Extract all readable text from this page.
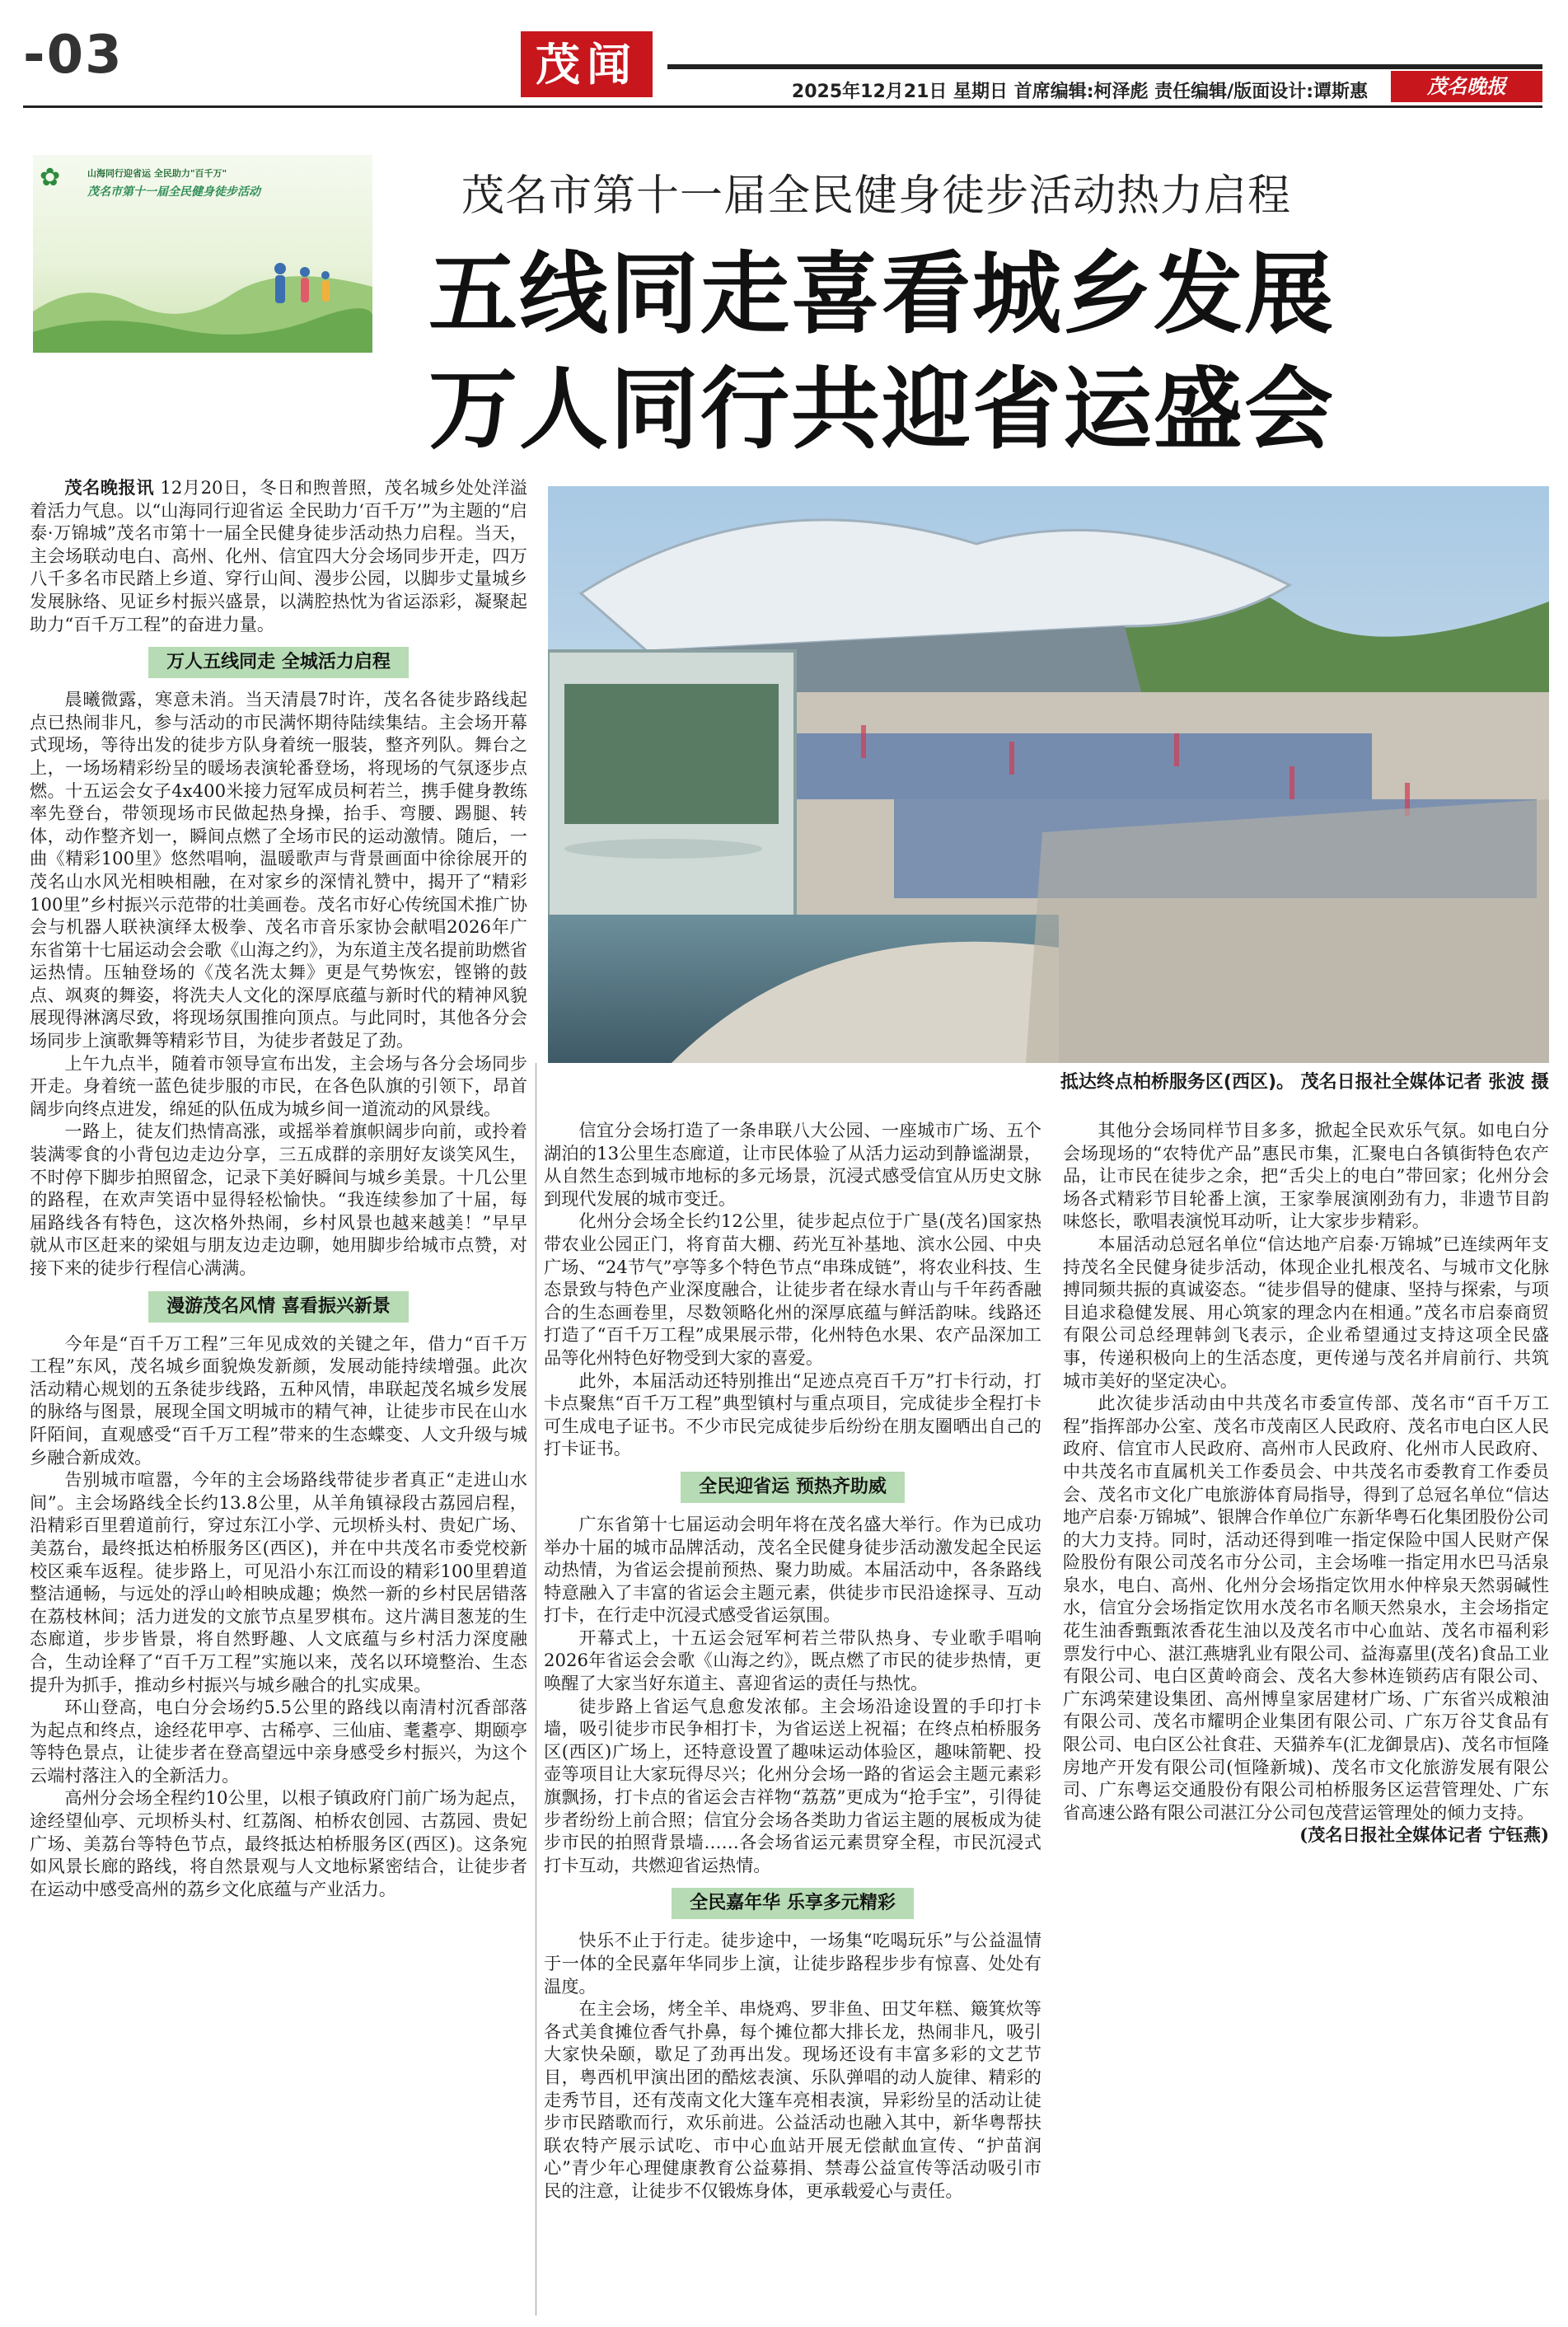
-03	茂闻
2025年12月21日 星期日 首席编辑:柯泽彪 责任编辑/版面设计:谭斯惠	茂名晚报
✿	山海同行迎省运 全民助力"百千万"
茂名市第十一届全民健身徒步活动	茂名市第十一届全民健身徒步活动热力启程
五线同走喜看城乡发展
万人同行共迎省运盛会
抵达终点柏桥服务区(西区)。 茂名日报社全媒体记者 张波 摄

茂名晚报讯 12月20日，冬日和煦普照，茂名城乡处处洋溢着活力气息。以“山海同行迎省运 全民助力‘百千万’”为主题的“启泰·万锦城”茂名市第十一届全民健身徒步活动热力启程。当天，主会场联动电白、高州、化州、信宜四大分会场同步开走，四万八千多名市民踏上乡道、穿行山间、漫步公园，以脚步丈量城乡发展脉络、见证乡村振兴盛景，以满腔热忱为省运添彩，凝聚起助力“百千万工程”的奋进力量。

万人五线同走 全城活力启程

晨曦微露，寒意未消。当天清晨7时许，茂名各徒步路线起点已热闹非凡，参与活动的市民满怀期待陆续集结。主会场开幕式现场，等待出发的徒步方队身着统一服装，整齐列队。舞台之上，一场场精彩纷呈的暖场表演轮番登场，将现场的气氛逐步点燃。十五运会女子4x400米接力冠军成员柯若兰，携手健身教练率先登台，带领现场市民做起热身操，抬手、弯腰、踢腿、转体，动作整齐划一，瞬间点燃了全场市民的运动激情。随后，一曲《精彩100里》悠然唱响，温暖歌声与背景画面中徐徐展开的茂名山水风光相映相融，在对家乡的深情礼赞中，揭开了“精彩100里”乡村振兴示范带的壮美画卷。茂名市好心传统国术推广协会与机器人联袂演绎太极拳、茂名市音乐家协会献唱2026年广东省第十七届运动会会歌《山海之约》，为东道主茂名提前助燃省运热情。压轴登场的《茂名洗太舞》更是气势恢宏，铿锵的鼓点、飒爽的舞姿，将洗夫人文化的深厚底蕴与新时代的精神风貌展现得淋漓尽致，将现场氛围推向顶点。与此同时，其他各分会场同步上演歌舞等精彩节目，为徒步者鼓足了劲。

上午九点半，随着市领导宣布出发，主会场与各分会场同步开走。身着统一蓝色徒步服的市民，在各色队旗的引领下，昂首阔步向终点进发，绵延的队伍成为城乡间一道流动的风景线。

一路上，徒友们热情高涨，或摇举着旗帜阔步向前，或拎着装满零食的小背包边走边分享，三五成群的亲朋好友谈笑风生，不时停下脚步拍照留念，记录下美好瞬间与城乡美景。十几公里的路程，在欢声笑语中显得轻松愉快。“我连续参加了十届，每届路线各有特色，这次格外热闹，乡村风景也越来越美！”早早就从市区赶来的梁姐与朋友边走边聊，她用脚步给城市点赞，对接下来的徒步行程信心满满。

漫游茂名风情 喜看振兴新景

今年是“百千万工程”三年见成效的关键之年，借力“百千万工程”东风，茂名城乡面貌焕发新颜，发展动能持续增强。此次活动精心规划的五条徒步线路，五种风情，串联起茂名城乡发展的脉络与图景，展现全国文明城市的精气神，让徒步市民在山水阡陌间，直观感受“百千万工程”带来的生态蝶变、人文升级与城乡融合新成效。

告别城市喧嚣，今年的主会场路线带徒步者真正“走进山水间”。主会场路线全长约13.8公里，从羊角镇禄段古荔园启程，沿精彩百里碧道前行，穿过东江小学、元坝桥头村、贵妃广场、美荔台，最终抵达柏桥服务区(西区)，并在中共茂名市委党校新校区乘车返程。徒步路上，可见沿小东江而设的精彩100里碧道整洁通畅，与远处的浮山岭相映成趣；焕然一新的乡村民居错落在荔枝林间；活力迸发的文旅节点星罗棋布。这片满目葱茏的生态廊道，步步皆景，将自然野趣、人文底蕴与乡村活力深度融合，生动诠释了“百千万工程”实施以来，茂名以环境整治、生态提升为抓手，推动乡村振兴与城乡融合的扎实成果。

环山登高，电白分会场约5.5公里的路线以南清村沉香部落为起点和终点，途经花甲亭、古稀亭、三仙庙、耄耋亭、期颐亭等特色景点，让徒步者在登高望远中亲身感受乡村振兴，为这个云端村落注入的全新活力。

高州分会场全程约10公里，以根子镇政府门前广场为起点，途经望仙亭、元坝桥头村、红荔阁、柏桥农创园、古荔园、贵妃广场、美荔台等特色节点，最终抵达柏桥服务区(西区)。这条宛如风景长廊的路线，将自然景观与人文地标紧密结合，让徒步者在运动中感受高州的荔乡文化底蕴与产业活力。

信宜分会场打造了一条串联八大公园、一座城市广场、五个湖泊的13公里生态廊道，让市民体验了从活力运动到静谧湖景，从自然生态到城市地标的多元场景，沉浸式感受信宜从历史文脉到现代发展的城市变迁。

化州分会场全长约12公里，徒步起点位于广垦(茂名)国家热带农业公园正门，将育苗大棚、药光互补基地、滨水公园、中央广场、“24节气”亭等多个特色节点“串珠成链”，将农业科技、生态景致与特色产业深度融合，让徒步者在绿水青山与千年药香融合的生态画卷里，尽数领略化州的深厚底蕴与鲜活韵味。线路还打造了“百千万工程”成果展示带，化州特色水果、农产品深加工品等化州特色好物受到大家的喜爱。

此外，本届活动还特别推出“足迹点亮百千万”打卡行动，打卡点聚焦“百千万工程”典型镇村与重点项目，完成徒步全程打卡可生成电子证书。不少市民完成徒步后纷纷在朋友圈晒出自己的打卡证书。

全民迎省运 预热齐助威

广东省第十七届运动会明年将在茂名盛大举行。作为已成功举办十届的城市品牌活动，茂名全民健身徒步活动激发起全民运动热情，为省运会提前预热、聚力助威。本届活动中，各条路线特意融入了丰富的省运会主题元素，供徒步市民沿途探寻、互动打卡，在行走中沉浸式感受省运氛围。

开幕式上，十五运会冠军柯若兰带队热身、专业歌手唱响2026年省运会会歌《山海之约》，既点燃了市民的徒步热情，更唤醒了大家当好东道主、喜迎省运的责任与热忱。

徒步路上省运气息愈发浓郁。主会场沿途设置的手印打卡墙，吸引徒步市民争相打卡，为省运送上祝福；在终点柏桥服务区(西区)广场上，还特意设置了趣味运动体验区，趣味箭靶、投壶等项目让大家玩得尽兴；化州分会场一路的省运会主题元素彩旗飘扬，打卡点的省运会吉祥物“荔荔”更成为“抢手宝”，引得徒步者纷纷上前合照；信宜分会场各类助力省运主题的展板成为徒步市民的拍照背景墙……各会场省运元素贯穿全程，市民沉浸式打卡互动，共燃迎省运热情。

全民嘉年华 乐享多元精彩

快乐不止于行走。徒步途中，一场集“吃喝玩乐”与公益温情于一体的全民嘉年华同步上演，让徒步路程步步有惊喜、处处有温度。

在主会场，烤全羊、串烧鸡、罗非鱼、田艾年糕、簸箕炊等各式美食摊位香气扑鼻，每个摊位都大排长龙，热闹非凡，吸引大家快朵颐，歇足了劲再出发。现场还设有丰富多彩的文艺节目，粤西机甲演出团的酷炫表演、乐队弹唱的动人旋律、精彩的走秀节目，还有茂南文化大篷车亮相表演，异彩纷呈的活动让徒步市民踏歌而行，欢乐前进。公益活动也融入其中，新华粤帮扶联农特产展示试吃、市中心血站开展无偿献血宣传、“护苗润心”青少年心理健康教育公益募捐、禁毒公益宣传等活动吸引市民的注意，让徒步不仅锻炼身体，更承载爱心与责任。

其他分会场同样节目多多，掀起全民欢乐气氛。如电白分会场现场的“农特优产品”惠民市集，汇聚电白各镇街特色农产品，让市民在徒步之余，把“舌尖上的电白”带回家；化州分会场各式精彩节目轮番上演，王家拳展演刚劲有力，非遗节目韵味悠长，歌唱表演悦耳动听，让大家步步精彩。

本届活动总冠名单位“信达地产启泰·万锦城”已连续两年支持茂名全民健身徒步活动，体现企业扎根茂名、与城市文化脉搏同频共振的真诚姿态。“徒步倡导的健康、坚持与探索，与项目追求稳健发展、用心筑家的理念内在相通。”茂名市启泰商贸有限公司总经理韩剑飞表示，企业希望通过支持这项全民盛事，传递积极向上的生活态度，更传递与茂名并肩前行、共筑城市美好的坚定决心。

此次徒步活动由中共茂名市委宣传部、茂名市“百千万工程”指挥部办公室、茂名市茂南区人民政府、茂名市电白区人民政府、信宜市人民政府、高州市人民政府、化州市人民政府、中共茂名市直属机关工作委员会、中共茂名市委教育工作委员会、茂名市文化广电旅游体育局指导，得到了总冠名单位“信达地产启泰·万锦城”、银牌合作单位广东新华粤石化集团股份公司的大力支持。同时，活动还得到唯一指定保险中国人民财产保险股份有限公司茂名市分公司，主会场唯一指定用水巴马活泉泉水，电白、高州、化州分会场指定饮用水仲梓泉天然弱碱性水，信宜分会场指定饮用水茂名市名顺天然泉水，主会场指定花生油香甄甄浓香花生油以及茂名市中心血站、茂名市福利彩票发行中心、湛江燕塘乳业有限公司、益海嘉里(茂名)食品工业有限公司、电白区黄岭商会、茂名大参林连锁药店有限公司、广东鸿荣建设集团、高州博皇家居建材广场、广东省兴成粮油有限公司、茂名市耀明企业集团有限公司、广东万谷艾食品有限公司、电白区公社食荘、天猫养车(汇龙御景店)、茂名市恒隆房地产开发有限公司(恒隆新城)、茂名市文化旅游发展有限公司、广东粤运交通股份有限公司柏桥服务区运营管理处、广东省高速公路有限公司湛江分公司包茂营运管理处的倾力支持。

(茂名日报社全媒体记者 宁钰燕)
